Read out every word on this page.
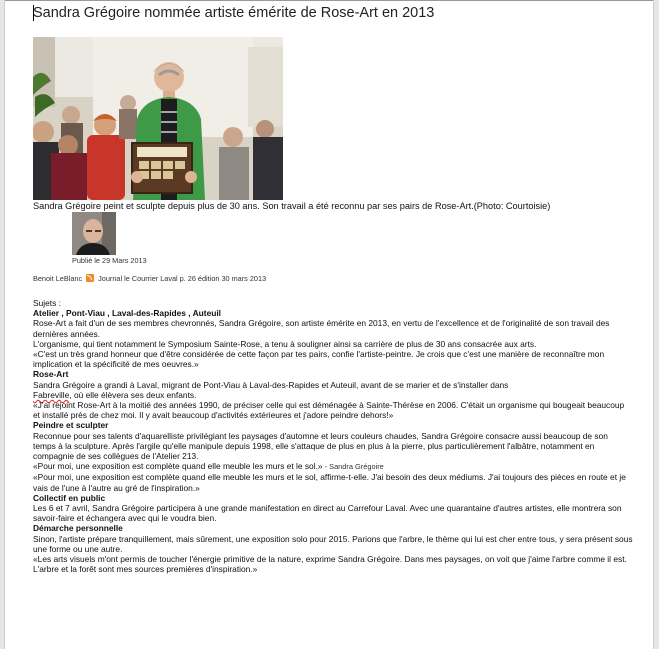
Sandra Grégoire nommée artiste émérite de Rose-Art en 2013
Sandra Grégoire peint et sculpte depuis plus de 30 ans. Son travail a été reconnu par ses pairs de Rose-Art.(Photo: Courtoisie)
Publié le 29 Mars 2013
Benoit LeBlanc Journal le Courrier Laval p. 26 édition 30 mars 2013

Sujets :

Atelier , Pont-Viau , Laval-des-Rapides , Auteuil

Rose-Art a fait d'un de ses membres chevronnés, Sandra Grégoire, son artiste émérite en 2013, en vertu de l'excellence et de l'originalité de son travail des dernières années.

L'organisme, qui tient notamment le Symposium Sainte-Rose, a tenu à souligner ainsi sa carrière de plus de 30 ans consacrée aux arts.

«C'est un très grand honneur que d'être considérée de cette façon par tes pairs, confie l'artiste-peintre. Je crois que c'est une manière de reconnaître mon implication et la spécificité de mes oeuvres.»

Rose-Art

Sandra Grégoire a grandi à Laval, migrant de Pont-Viau à Laval-des-Rapides et Auteuil, avant de se marier et de s'installer dans
Fabreville, où elle élèvera ses deux enfants.

«J'ai rejoint Rose-Art à la moitié des années 1990, de préciser celle qui est déménagée à Sainte-Thérèse en 2006. C'était un organisme qui bougeait beaucoup et installé près de chez moi. Il y avait beaucoup d'activités extérieures et j'adore peindre dehors!»

Peindre et sculpter

Reconnue pour ses talents d'aquarelliste privilégiant les paysages d'automne et leurs couleurs chaudes, Sandra Grégoire consacre aussi beaucoup de son temps à la sculpture. Après l'argile qu'elle manipule depuis 1998, elle s'attaque de plus en plus à la pierre, plus particulièrement l'albâtre, notamment en compagnie de ses collègues de l'Atelier 213.

«Pour moi, une exposition est complète quand elle meuble les murs et le sol.» - Sandra Grégoire

«Pour moi, une exposition est complète quand elle meuble les murs et le sol, affirme-t-elle. J'ai besoin des deux médiums. J'ai toujours des pièces en route et je vais de l'une à l'autre au gré de l'inspiration.»

Collectif en public

Les 6 et 7 avril, Sandra Grégoire participera à une grande manifestation en direct au Carrefour Laval. Avec une quarantaine d'autres artistes, elle montrera son savoir-faire et échangera avec qui le voudra bien.

Démarche personnelle

Sinon, l'artiste prépare tranquillement, mais sûrement, une exposition solo pour 2015. Parions que l'arbre, le thème qui lui est cher entre tous, y sera présent sous une forme ou une autre.

«Les arts visuels m'ont permis de toucher l'énergie primitive de la nature, exprime Sandra Grégoire. Dans mes paysages, on voit que j'aime l'arbre comme il est. L'arbre et la forêt sont mes sources premières d'inspiration.»
